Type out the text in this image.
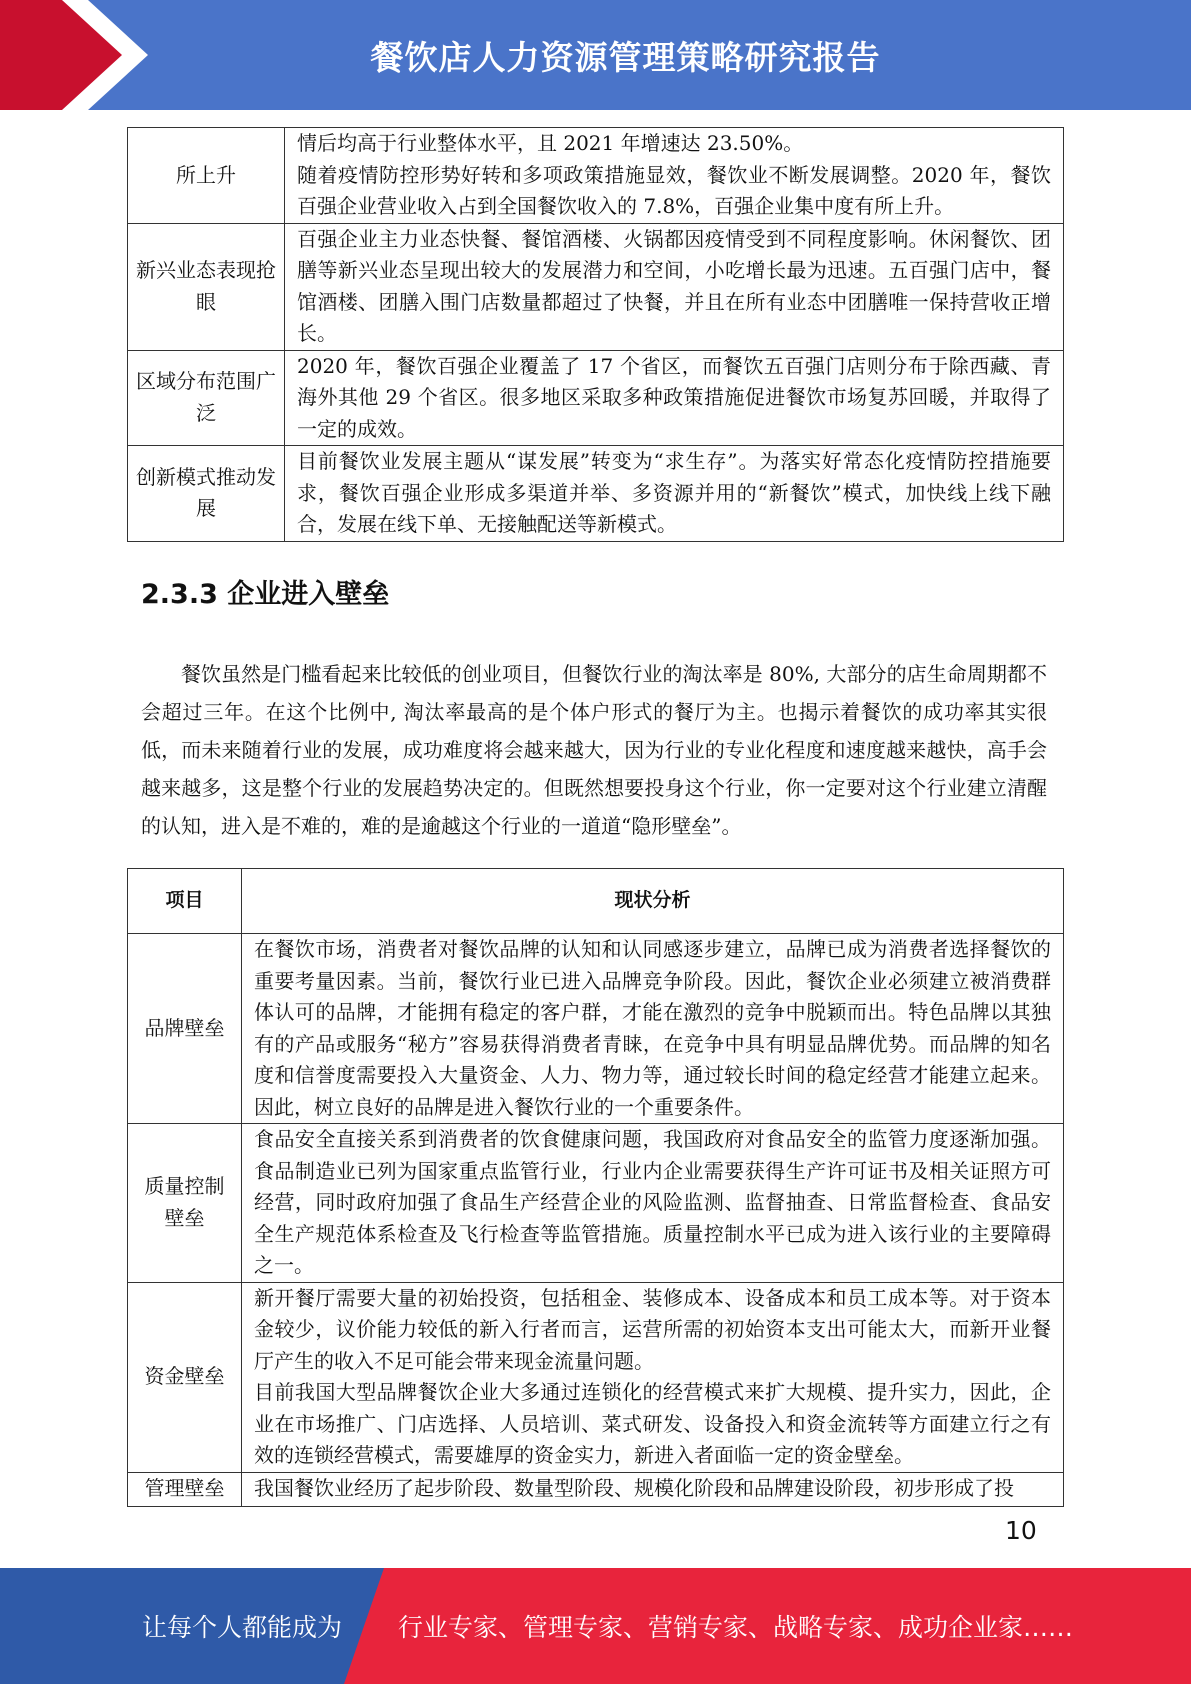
餐饮店人力资源管理策略研究报告
所上升	情后均高于行业整体水平，且 2021 年增速达 23.50%。

随着疫情防控形势好转和多项政策措施显效，餐饮业不断发展调整。2020 年，餐饮百强企业营业收入占到全国餐饮收入的 7.8%，百强企业集中度有所上升。

新兴业态表现抢眼	百强企业主力业态快餐、餐馆酒楼、火锅都因疫情受到不同程度影响。休闲餐饮、团膳等新兴业态呈现出较大的发展潜力和空间，小吃增长最为迅速。五百强门店中，餐馆酒楼、团膳入围门店数量都超过了快餐，并且在所有业态中团膳唯一保持营收正增长。

区域分布范围广泛	2020 年，餐饮百强企业覆盖了 17 个省区，而餐饮五百强门店则分布于除西藏、青海外其他 29 个省区。很多地区采取多种政策措施促进餐饮市场复苏回暖，并取得了一定的成效。

创新模式推动发展	目前餐饮业发展主题从“谋发展”转变为“求生存”。为落实好常态化疫情防控措施要求，餐饮百强企业形成多渠道并举、多资源并用的“新餐饮”模式，加快线上线下融合，发展在线下单、无接触配送等新模式。

2.3.3 企业进入壁垒

餐饮虽然是门槛看起来比较低的创业项目，但餐饮行业的淘汰率是 80%, 大部分的店生命周期都不会超过三年。在这个比例中, 淘汰率最高的是个体户形式的餐厅为主。也揭示着餐饮的成功率其实很低，而未来随着行业的发展，成功难度将会越来越大，因为行业的专业化程度和速度越来越快，高手会越来越多，这是整个行业的发展趋势决定的。但既然想要投身这个行业，你一定要对这个行业建立清醒的认知，进入是不难的，难的是逾越这个行业的一道道“隐形壁垒”。

项目	现状分析
品牌壁垒	在餐饮市场，消费者对餐饮品牌的认知和认同感逐步建立，品牌已成为消费者选择餐饮的重要考量因素。当前，餐饮行业已进入品牌竞争阶段。因此，餐饮企业必须建立被消费群体认可的品牌，才能拥有稳定的客户群，才能在激烈的竞争中脱颖而出。特色品牌以其独有的产品或服务“秘方”容易获得消费者青睐，在竞争中具有明显品牌优势。而品牌的知名度和信誉度需要投入大量资金、人力、物力等，通过较长时间的稳定经营才能建立起来。因此，树立良好的品牌是进入餐饮行业的一个重要条件。

质量控制壁垒	食品安全直接关系到消费者的饮食健康问题，我国政府对食品安全的监管力度逐渐加强。食品制造业已列为国家重点监管行业，行业内企业需要获得生产许可证书及相关证照方可经营，同时政府加强了食品生产经营企业的风险监测、监督抽查、日常监督检查、食品安全生产规范体系检查及飞行检查等监管措施。质量控制水平已成为进入该行业的主要障碍之一。

资金壁垒	新开餐厅需要大量的初始投资，包括租金、装修成本、设备成本和员工成本等。对于资本金较少，议价能力较低的新入行者而言，运营所需的初始资本支出可能太大，而新开业餐厅产生的收入不足可能会带来现金流量问题。

目前我国大型品牌餐饮企业大多通过连锁化的经营模式来扩大规模、提升实力，因此，企业在市场推广、门店选择、人员培训、菜式研发、设备投入和资金流转等方面建立行之有效的连锁经营模式，需要雄厚的资金实力，新进入者面临一定的资金壁垒。

管理壁垒	我国餐饮业经历了起步阶段、数量型阶段、规模化阶段和品牌建设阶段，初步形成了投

10
让每个人都能成为 行业专家、管理专家、营销专家、战略专家、成功企业家……
